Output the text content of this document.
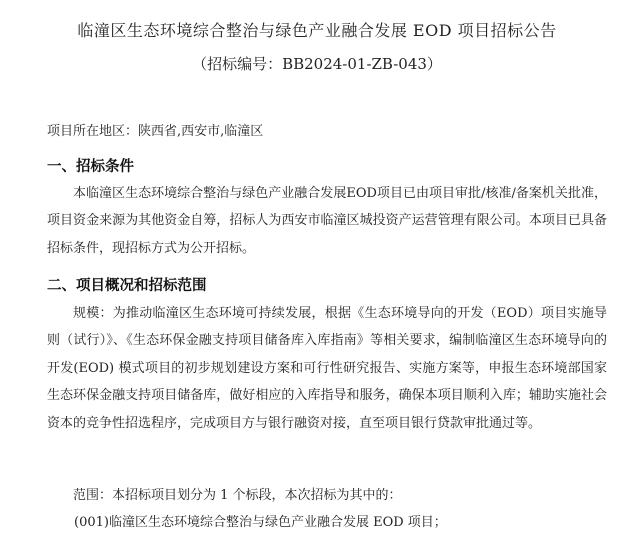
临潼区生态环境综合整治与绿色产业融合发展 EOD 项目招标公告
（招标编号：BB2024-01-ZB-043）
项目所在地区：陕西省,西安市,临潼区
一、招标条件
本临潼区生态环境综合整治与绿色产业融合发展EOD项目已由项目审批/核准/备案机关批准，项目资金来源为其他资金自筹，招标人为西安市临潼区城投资产运营管理有限公司。本项目已具备招标条件，现招标方式为公开招标。
二、项目概况和招标范围
规模：为推动临潼区生态环境可持续发展，根据《生态环境导向的开发（EOD）项目实施导则（试行）》、《生态环保金融支持项目储备库入库指南》等相关要求，编制临潼区生态环境导向的开发(EOD) 模式项目的初步规划建设方案和可行性研究报告、实施方案等，申报生态环境部国家生态环保金融支持项目储备库，做好相应的入库指导和服务，确保本项目顺利入库；辅助实施社会资本的竞争性招选程序，完成项目方与银行融资对接，直至项目银行贷款审批通过等。
范围：本招标项目划分为 1 个标段，本次招标为其中的：
(001)临潼区生态环境综合整治与绿色产业融合发展 EOD 项目；
